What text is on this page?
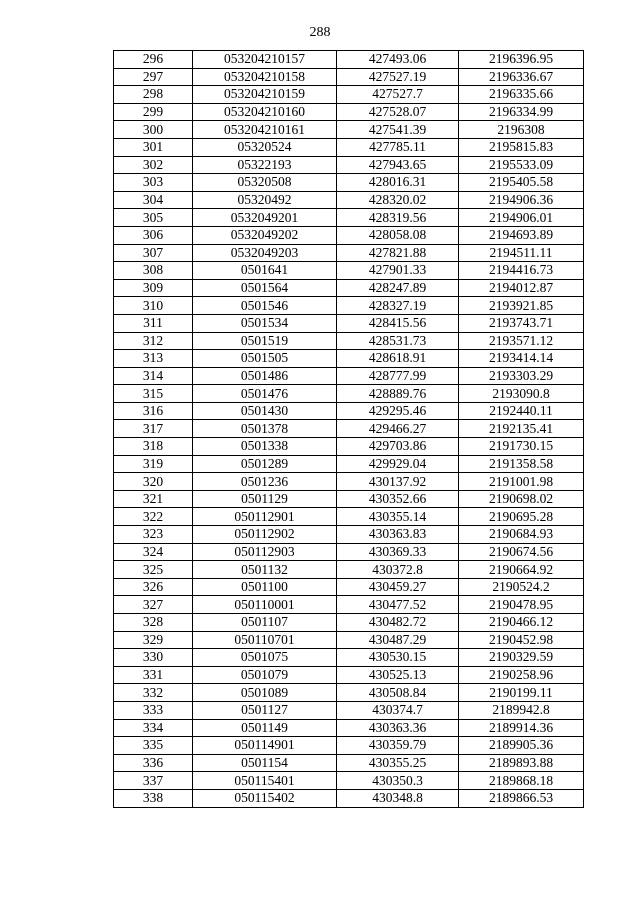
288
296	053204210157	427493.06	2196396.95
297	053204210158	427527.19	2196336.67
298	053204210159	427527.7	2196335.66
299	053204210160	427528.07	2196334.99
300	053204210161	427541.39	2196308
301	05320524	427785.11	2195815.83
302	05322193	427943.65	2195533.09
303	05320508	428016.31	2195405.58
304	05320492	428320.02	2194906.36
305	0532049201	428319.56	2194906.01
306	0532049202	428058.08	2194693.89
307	0532049203	427821.88	2194511.11
308	0501641	427901.33	2194416.73
309	0501564	428247.89	2194012.87
310	0501546	428327.19	2193921.85
311	0501534	428415.56	2193743.71
312	0501519	428531.73	2193571.12
313	0501505	428618.91	2193414.14
314	0501486	428777.99	2193303.29
315	0501476	428889.76	2193090.8
316	0501430	429295.46	2192440.11
317	0501378	429466.27	2192135.41
318	0501338	429703.86	2191730.15
319	0501289	429929.04	2191358.58
320	0501236	430137.92	2191001.98
321	0501129	430352.66	2190698.02
322	050112901	430355.14	2190695.28
323	050112902	430363.83	2190684.93
324	050112903	430369.33	2190674.56
325	0501132	430372.8	2190664.92
326	0501100	430459.27	2190524.2
327	050110001	430477.52	2190478.95
328	0501107	430482.72	2190466.12
329	050110701	430487.29	2190452.98
330	0501075	430530.15	2190329.59
331	0501079	430525.13	2190258.96
332	0501089	430508.84	2190199.11
333	0501127	430374.7	2189942.8
334	0501149	430363.36	2189914.36
335	050114901	430359.79	2189905.36
336	0501154	430355.25	2189893.88
337	050115401	430350.3	2189868.18
338	050115402	430348.8	2189866.53
